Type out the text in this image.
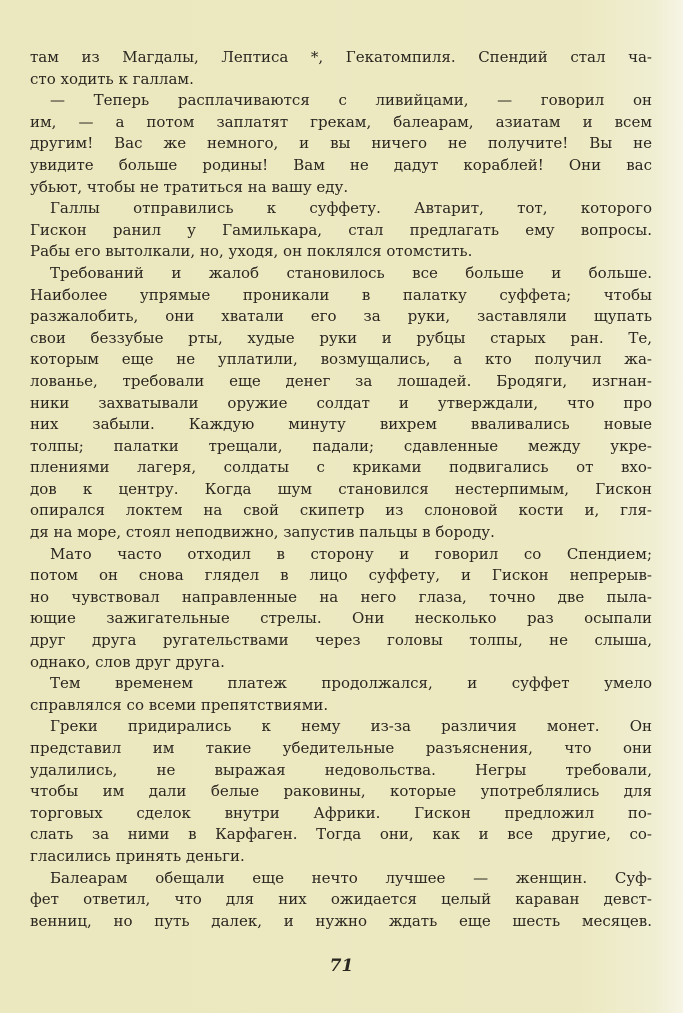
там из Магдалы, Лептиса *, Гекатомпиля. Спендий стал ча-
сто ходить к галлам.
— Теперь расплачиваются с ливийцами, — говорил он
им, — а потом заплатят грекам, балеарам, азиатам и всем
другим! Вас же немного, и вы ничего не получите! Вы не
увидите больше родины! Вам не дадут кораблей! Они вас
убьют, чтобы не тратиться на вашу еду.
Галлы отправились к суффету. Автарит, тот, которого
Гискон ранил у Гамилькара, стал предлагать ему вопросы.
Рабы его вытолкали, но, уходя, он поклялся отомстить.
Требований и жалоб становилось все больше и больше.
Наиболее упрямые проникали в палатку суффета; чтобы
разжалобить, они хватали его за руки, заставляли щупать
свои беззубые рты, худые руки и рубцы старых ран. Те,
которым еще не уплатили, возмущались, а кто получил жа-
лованье, требовали еще денег за лошадей. Бродяги, изгнан-
ники захватывали оружие солдат и утверждали, что про
них забыли. Каждую минуту вихрем вваливались новые
толпы; палатки трещали, падали; сдавленные между укре-
плениями лагеря, солдаты с криками подвигались от вхо-
дов к центру. Когда шум становился нестерпимым, Гискон
опирался локтем на свой скипетр из слоновой кости и, гля-
дя на море, стоял неподвижно, запустив пальцы в бороду.
Мато часто отходил в сторону и говорил со Спендием;
потом он снова глядел в лицо суффету, и Гискон непрерыв-
но чувствовал направленные на него глаза, точно две пыла-
ющие зажигательные стрелы. Они несколько раз осыпали
друг друга ругательствами через головы толпы, не слыша,
однако, слов друг друга.
Тем временем платеж продолжался, и суффет умело
справлялся со всеми препятствиями.
Греки придирались к нему из-за различия монет. Он
представил им такие убедительные разъяснения, что они
удалились, не выражая недовольства. Негры требовали,
чтобы им дали белые раковины, которые употреблялись для
торговых сделок внутри Африки. Гискон предложил по-
слать за ними в Карфаген. Тогда они, как и все другие, со-
гласились принять деньги.
Балеарам обещали еще нечто лучшее — женщин. Суф-
фет ответил, что для них ожидается целый караван девст-
венниц, но путь далек, и нужно ждать еще шесть месяцев.
71
